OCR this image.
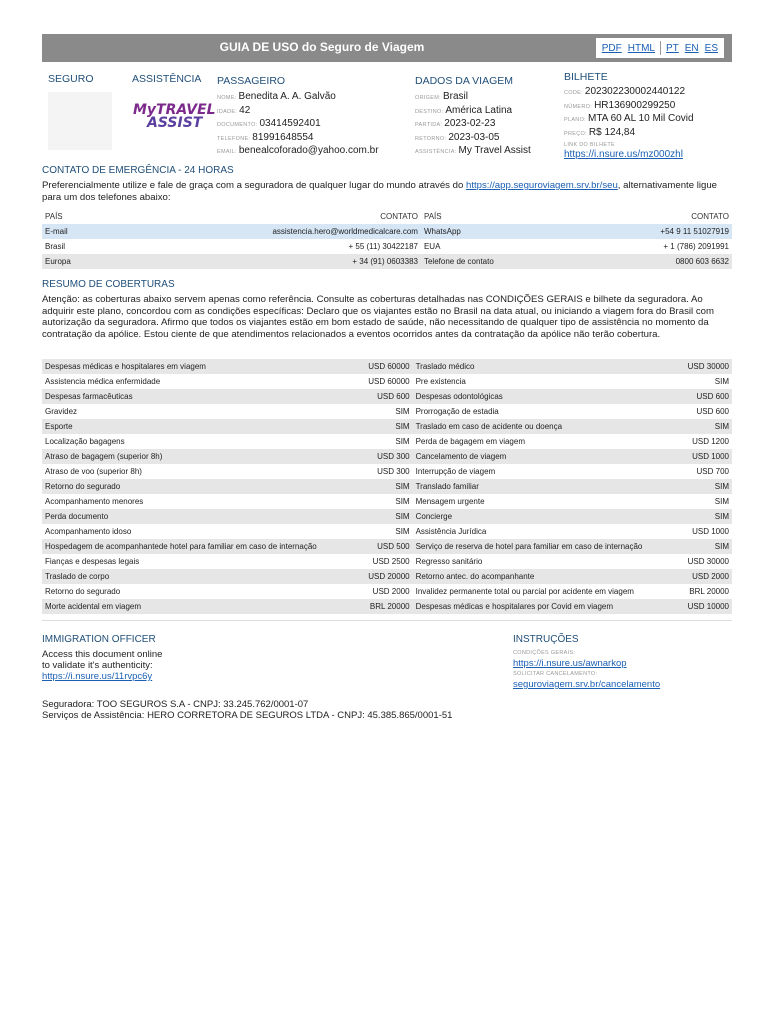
GUIA DE USO do Seguro de Viagem	PDF HTML PT EN ES
SEGURO	ASSISTÊNCIA
MyTRAVEL
ASSIST
PASSAGEIRO
NOME: Benedita A. A. Galvão
IDADE: 42
DOCUMENTO: 03414592401
TELEFONE: 81991648554
EMAIL: benealcoforado@yahoo.com.br
DADOS DA VIAGEM
ORIGEM: Brasil
DESTINO: América Latina
PARTIDA: 2023-02-23
RETORNO: 2023-03-05
ASSISTÊNCIA: My Travel Assist
BILHETE
CODE: 202302230002440122
NÚMERO: HR136900299250
PLANO: MTA 60 AL 10 Mil Covid
PREÇO: R$ 124,84
LINK DO BILHETE
https://i.nsure.us/mz000zhl
CONTATO DE EMERGÊNCIA - 24 HORAS
Preferencialmente utilize e fale de graça com a seguradora de qualquer lugar do mundo através do https://app.seguroviagem.srv.br/seu, alternativamente ligue para um dos telefones abaixo:
PAÍS	CONTATO	PAÍS	CONTATO
E-mail	assistencia.hero@worldmedicalcare.com	WhatsApp	+54 9 11 51027919
Brasil	+ 55 (11) 30422187	EUA	+ 1 (786) 2091991
Europa	+ 34 (91) 0603383	Telefone de contato	0800 603 6632
RESUMO DE COBERTURAS
Atenção: as coberturas abaixo servem apenas como referência. Consulte as coberturas detalhadas nas CONDIÇÕES GERAIS e bilhete da seguradora. Ao adquirir este plano, concordou com as condições específicas: Declaro que os viajantes estão no Brasil na data atual, ou iniciando a viagem fora do Brasil com autorização da seguradora. Afirmo que todos os viajantes estão em bom estado de saúde, não necessitando de qualquer tipo de assistência no momento da contratação da apólice. Estou ciente de que atendimentos relacionados a eventos ocorridos antes da contratação da apólice não terão cobertura.
Despesas médicas e hospitalares em viagem	USD 60000	Traslado médico	USD 30000
Assistencia médica enfermidade	USD 60000	Pre existencia	SIM
Despesas farmacêuticas	USD 600	Despesas odontológicas	USD 600
Gravidez	SIM	Prorrogação de estadia	USD 600
Esporte	SIM	Traslado em caso de acidente ou doença	SIM
Localização bagagens	SIM	Perda de bagagem em viagem	USD 1200
Atraso de bagagem (superior 8h)	USD 300	Cancelamento de viagem	USD 1000
Atraso de voo (superior 8h)	USD 300	Interrupção de viagem	USD 700
Retorno do segurado	SIM	Translado familiar	SIM
Acompanhamento menores	SIM	Mensagem urgente	SIM
Perda documento	SIM	Concierge	SIM
Acompanhamento idoso	SIM	Assistência Jurídica	USD 1000
Hospedagem de acompanhantede hotel para familiar em caso de internação	USD 500	Serviço de reserva de hotel para familiar em caso de internação	SIM
Fianças e despesas legais	USD 2500	Regresso sanitário	USD 30000
Traslado de corpo	USD 20000	Retorno antec. do acompanhante	USD 2000
Retorno do segurado	USD 2000	Invalidez permanente total ou parcial por acidente em viagem	BRL 20000
Morte acidental em viagem	BRL 20000	Despesas médicas e hospitalares por Covid em viagem	USD 10000
IMMIGRATION OFFICER
Access this document online
to validate it's authenticity:
https://i.nsure.us/11rvpc6y
INSTRUÇÕES
CONDIÇÕES GERAIS:
https://i.nsure.us/awnarkop
SOLICITAR CANCELAMENTO:
seguroviagem.srv.br/cancelamento
Seguradora: TOO SEGUROS S.A - CNPJ: 33.245.762/0001-07
Serviços de Assistência: HERO CORRETORA DE SEGUROS LTDA - CNPJ: 45.385.865/0001-51
